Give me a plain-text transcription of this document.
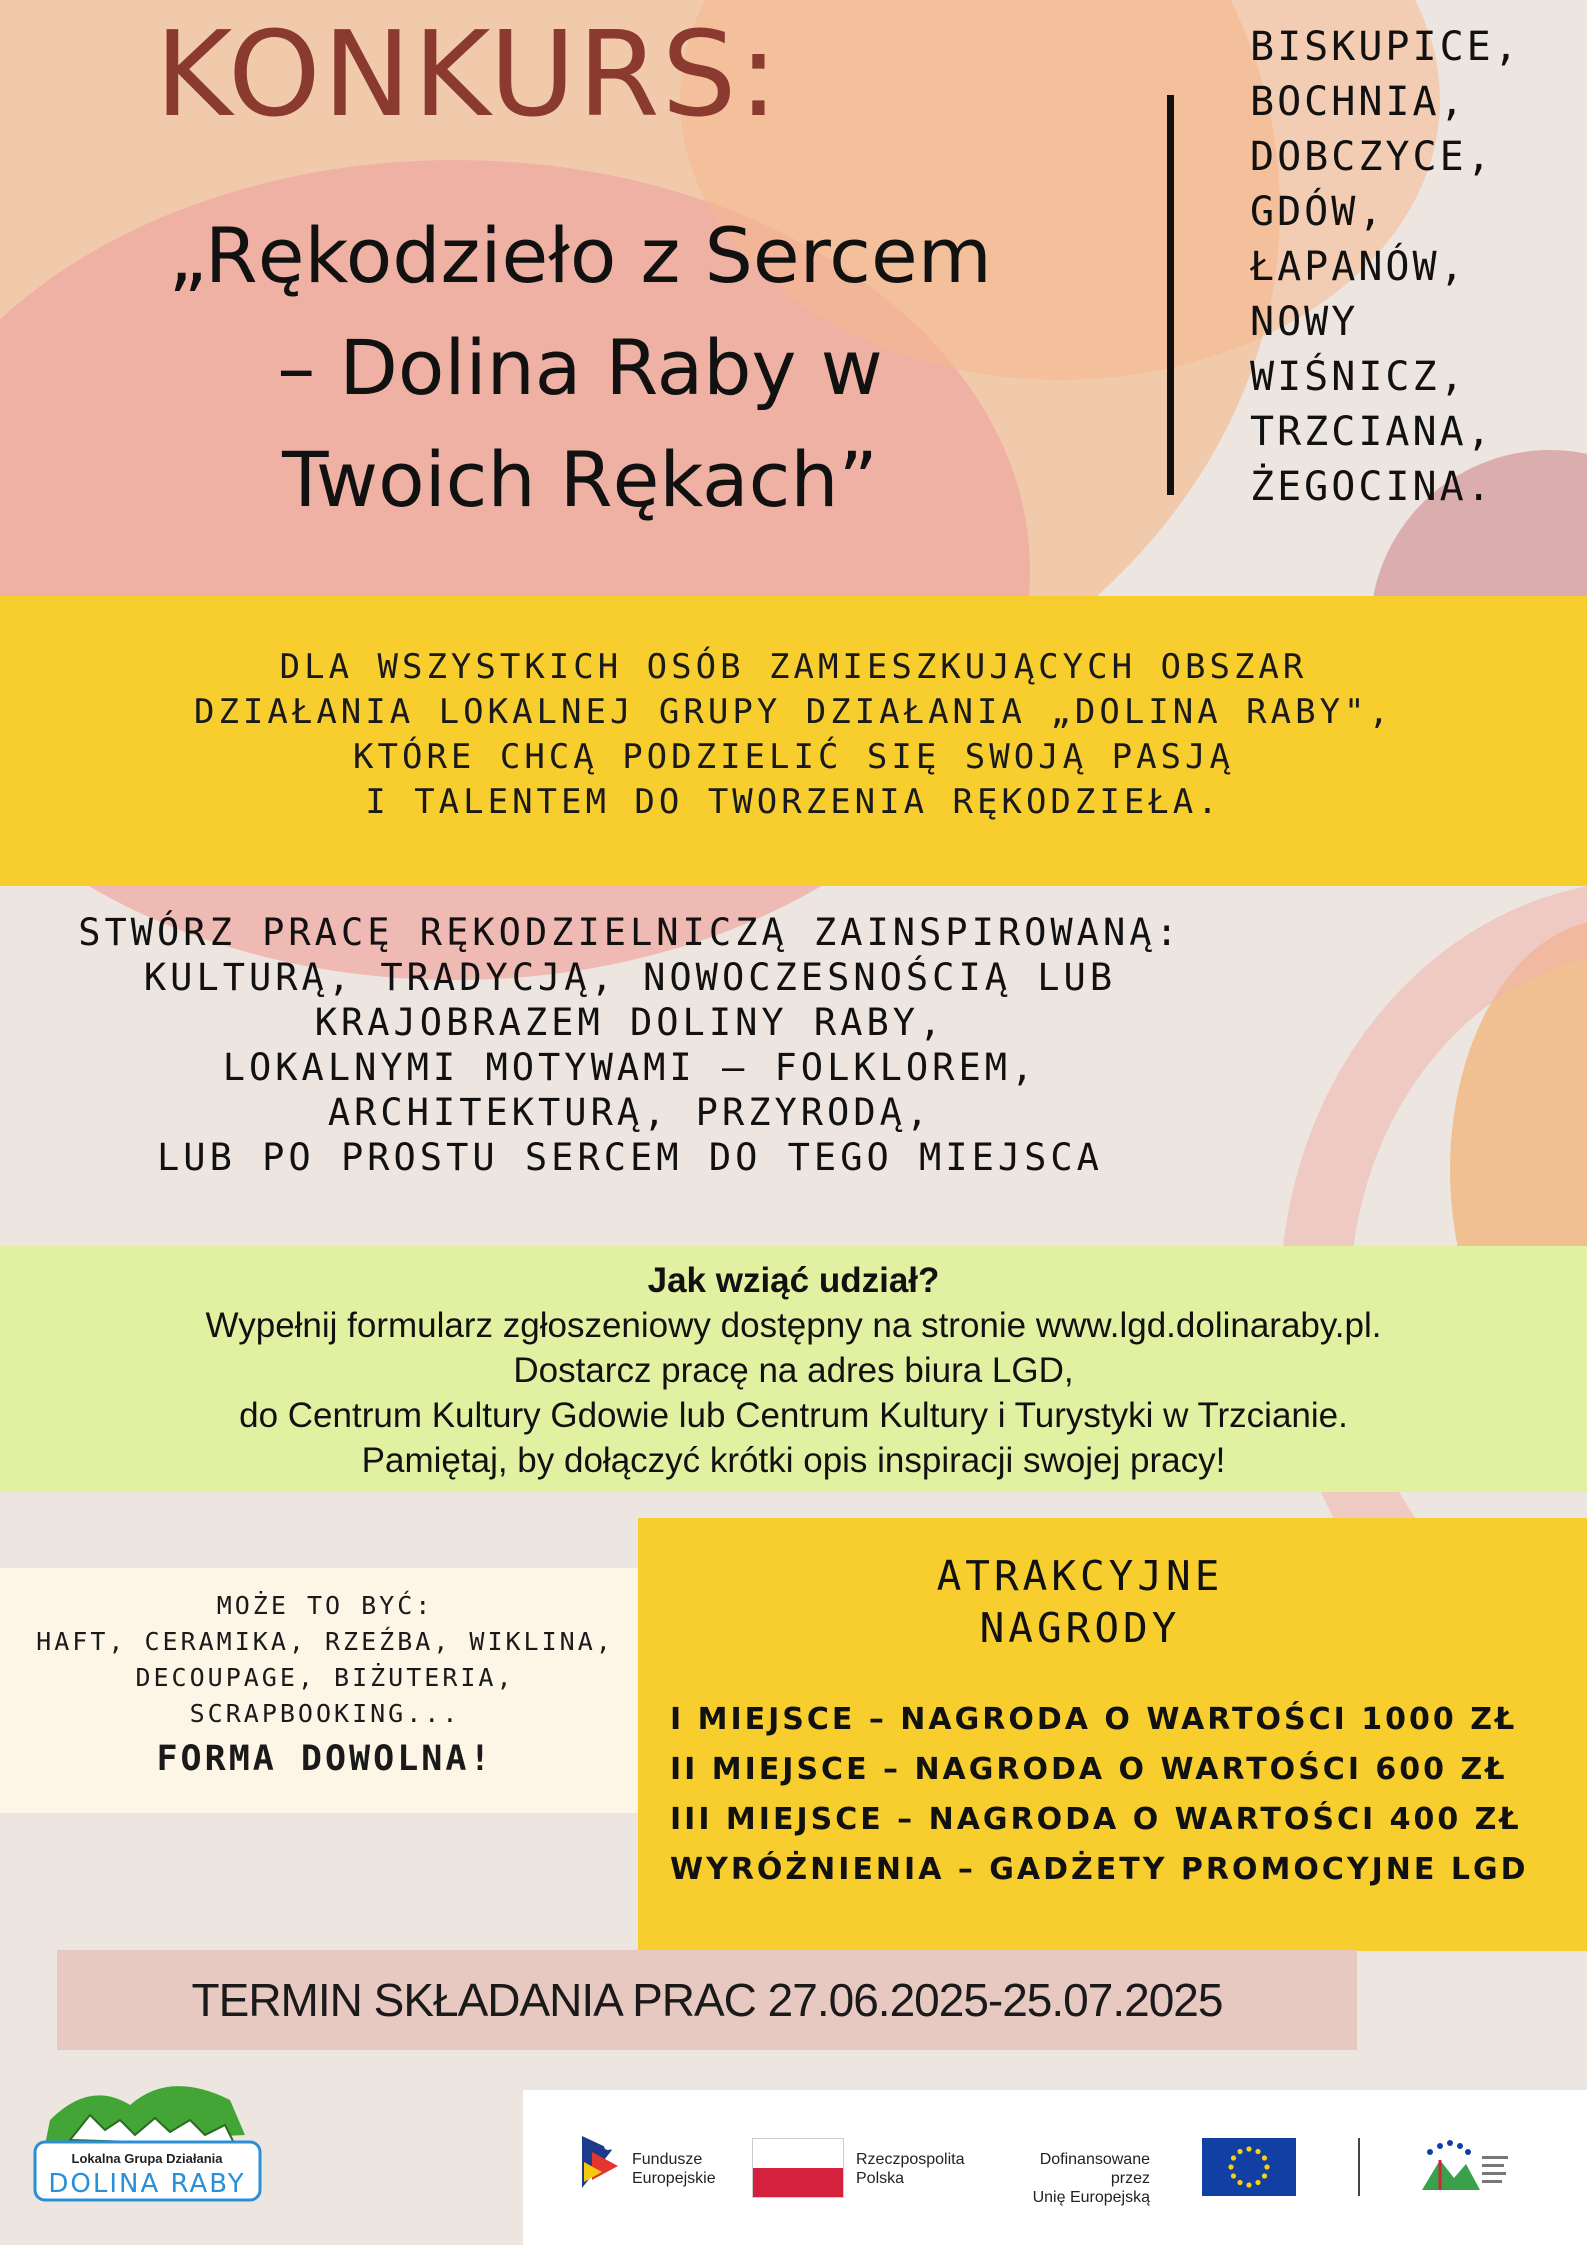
KONKURS:
„Rękodzieło z Sercem
– Dolina Raby w
Twoich Rękach”
BISKUPICE,
BOCHNIA,
DOBCZYCE,
GDÓW,
ŁAPANÓW,
NOWY
WIŚNICZ,
TRZCIANA,
ŻEGOCINA.
DLA WSZYSTKICH OSÓB ZAMIESZKUJĄCYCH OBSZAR
DZIAŁANIA LOKALNEJ GRUPY DZIAŁANIA „DOLINA RABY",
KTÓRE CHCĄ PODZIELIĆ SIĘ SWOJĄ PASJĄ
I TALENTEM DO TWORZENIA RĘKODZIEŁA.
STWÓRZ PRACĘ RĘKODZIELNICZĄ ZAINSPIROWANĄ:
KULTURĄ, TRADYCJĄ, NOWOCZESNOŚCIĄ LUB
KRAJOBRAZEM DOLINY RABY,
LOKALNYMI MOTYWAMI – FOLKLOREM,
ARCHITEKTURĄ, PRZYRODĄ,
LUB PO PROSTU SERCEM DO TEGO MIEJSCA
Jak wziąć udział?
Wypełnij formularz zgłoszeniowy dostępny na stronie www.lgd.dolinaraby.pl.
Dostarcz pracę na adres biura LGD,
do Centrum Kultury Gdowie lub Centrum Kultury i Turystyki w Trzcianie.
Pamiętaj, by dołączyć krótki opis inspiracji swojej pracy!
MOŻE TO BYĆ:
HAFT, CERAMIKA, RZEŹBA, WIKLINA,
DECOUPAGE, BIŻUTERIA,
SCRAPBOOKING...
FORMA DOWOLNA!
ATRAKCYJNE
NAGRODY
I MIEJSCE – NAGRODA O WARTOŚCI 1000 ZŁ
II MIEJSCE – NAGRODA O WARTOŚCI 600 ZŁ
III MIEJSCE – NAGRODA O WARTOŚCI 400 ZŁ
WYRÓŻNIENIA – GADŻETY PROMOCYJNE LGD
TERMIN SKŁADANIA PRAC 27.06.2025-25.07.2025
Lokalna Grupa Działania
DOLINA RABY
Fundusze
Europejskie
Rzeczpospolita
Polska
Dofinansowane przez
Unię Europejską
